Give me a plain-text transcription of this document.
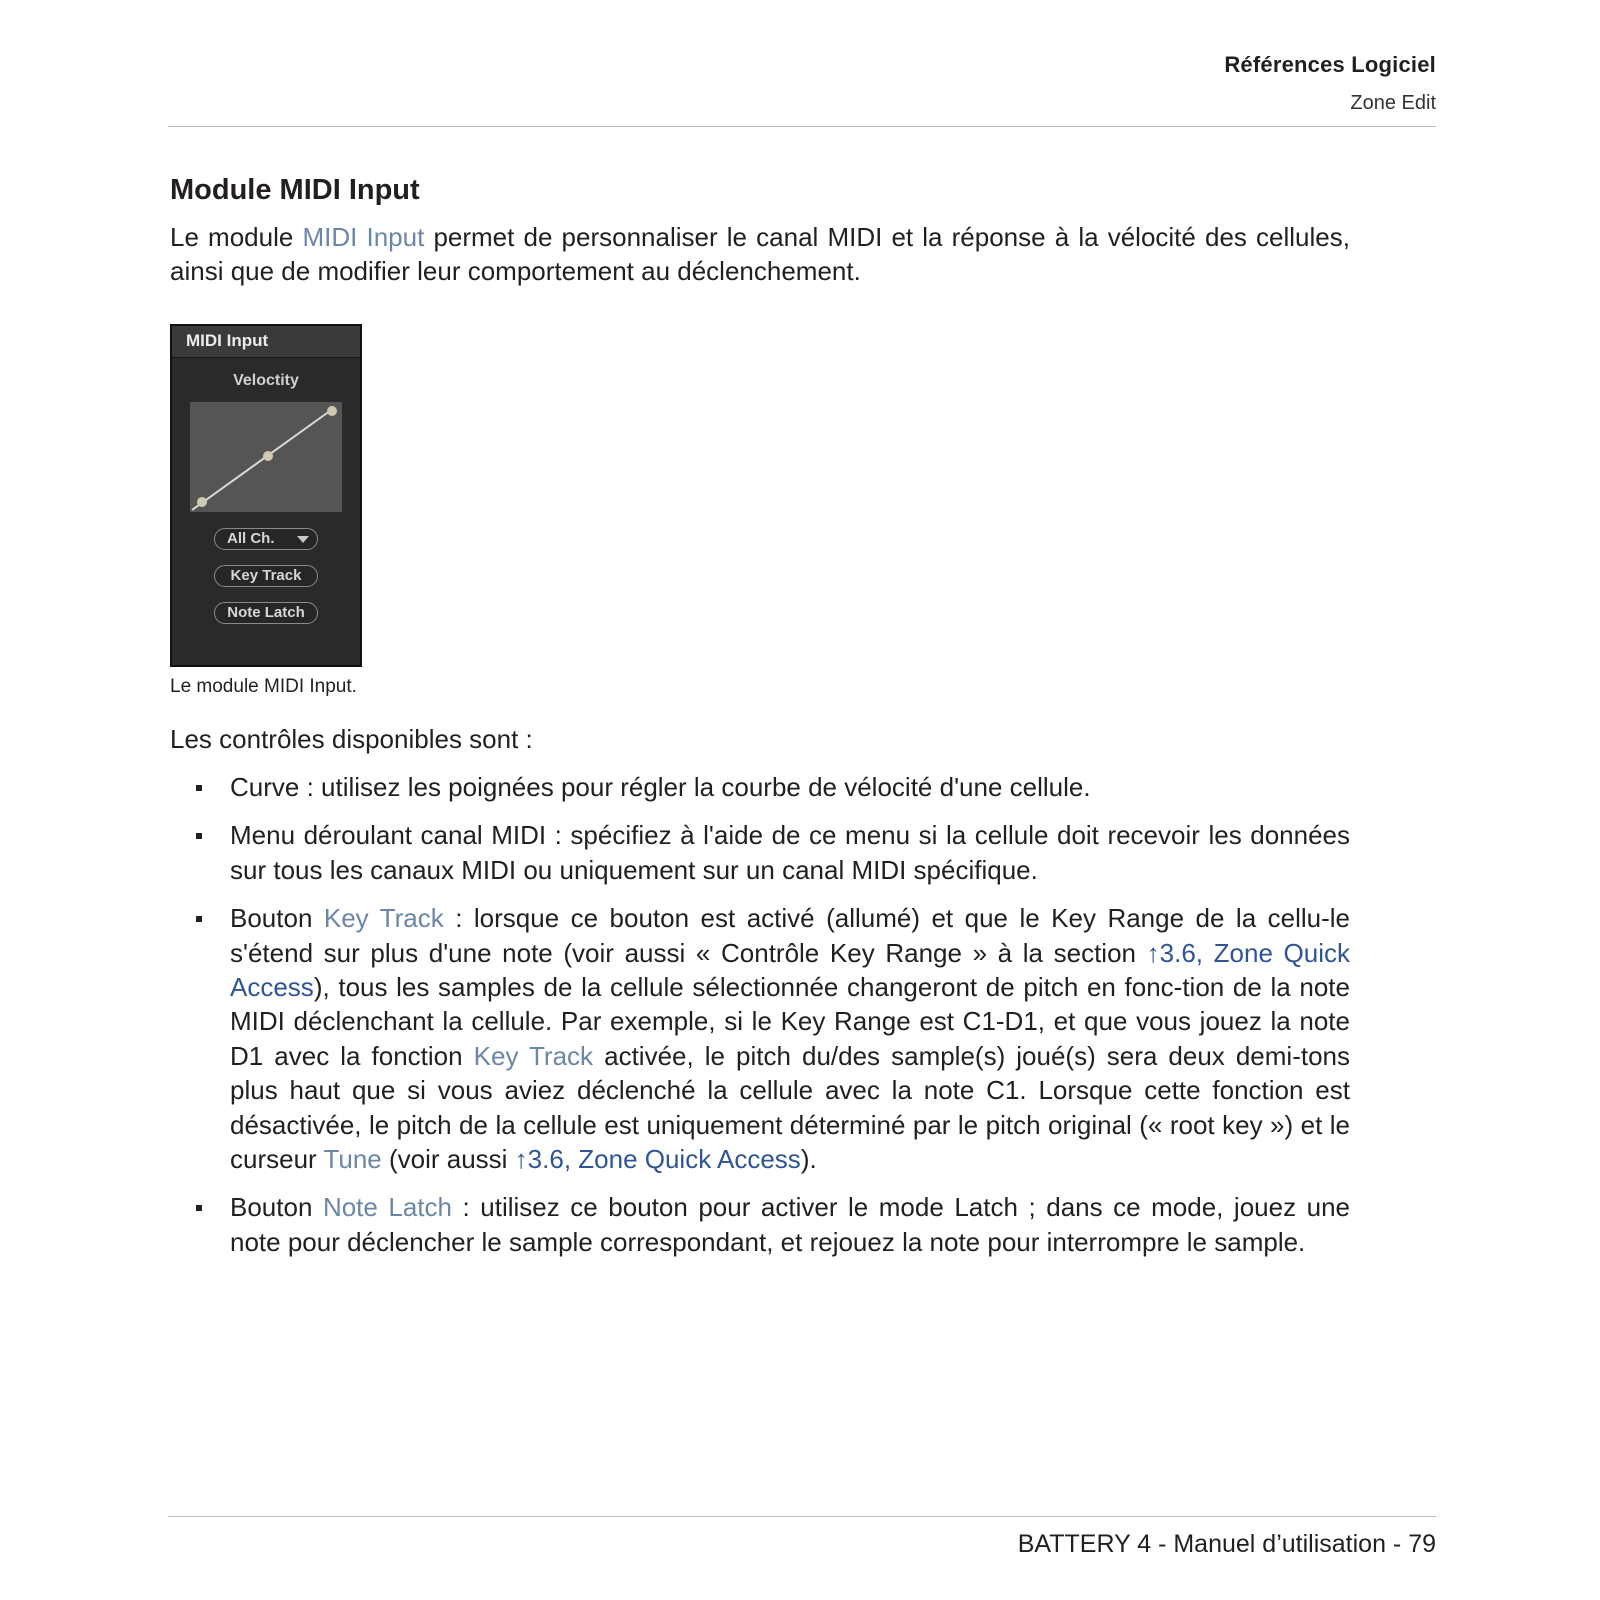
Références Logiciel
Zone Edit
Module MIDI Input

Le module MIDI Input permet de personnaliser le canal MIDI et la réponse à la vélocité des cellules, ainsi que de modifier leur comportement au déclenchement.

MIDI Input
Veloctity
All Ch.
Key Track
Note Latch
Le module MIDI Input.

Les contrôles disponibles sont :

Curve : utilisez les poignées pour régler la courbe de vélocité d'une cellule.
Menu déroulant canal MIDI : spécifiez à l'aide de ce menu si la cellule doit recevoir les données sur tous les canaux MIDI ou uniquement sur un canal MIDI spécifique.
Bouton Key Track : lorsque ce bouton est activé (allumé) et que le Key Range de la cellu-le s'étend sur plus d'une note (voir aussi « Contrôle Key Range » à la section ↑3.6, Zone Quick Access), tous les samples de la cellule sélectionnée changeront de pitch en fonc-tion de la note MIDI déclenchant la cellule. Par exemple, si le Key Range est C1-D1, et que vous jouez la note D1 avec la fonction Key Track activée, le pitch du/des sample(s) joué(s) sera deux demi-tons plus haut que si vous aviez déclenché la cellule avec la note C1. Lorsque cette fonction est désactivée, le pitch de la cellule est uniquement déterminé par le pitch original (« root key ») et le curseur Tune (voir aussi ↑3.6, Zone Quick Access).
Bouton Note Latch : utilisez ce bouton pour activer le mode Latch ; dans ce mode, jouez une note pour déclencher le sample correspondant, et rejouez la note pour interrompre le sample.
BATTERY 4 - Manuel d’utilisation - 79
